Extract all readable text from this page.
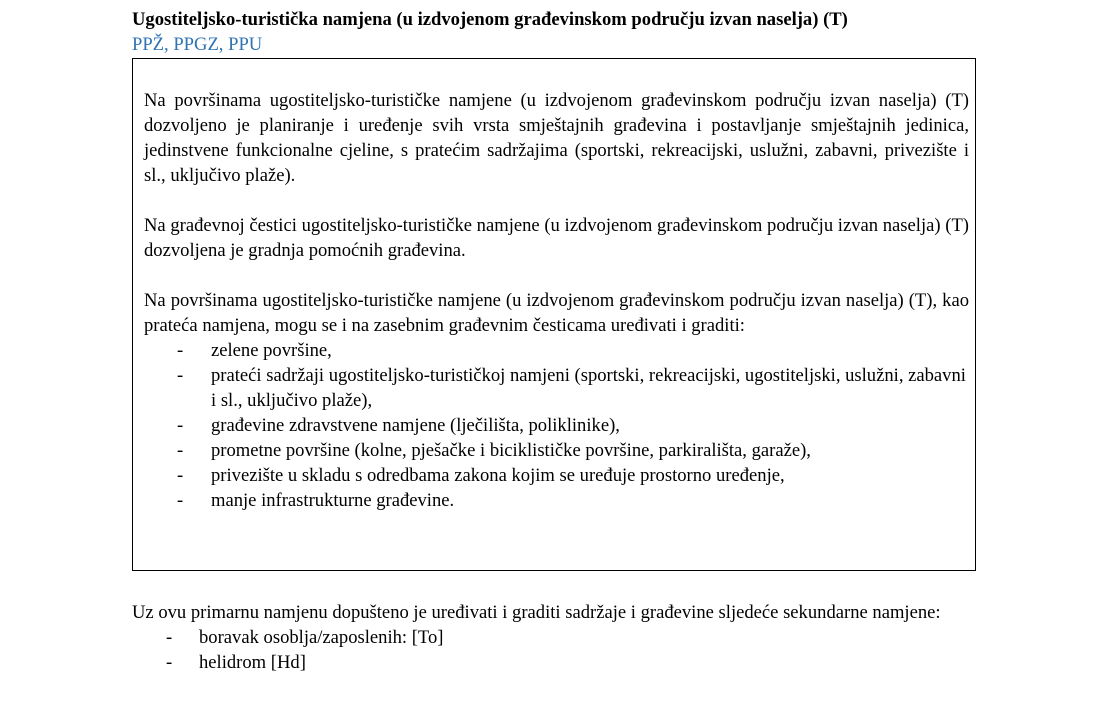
Ugostiteljsko-turistička namjena (u izdvojenom građevinskom području izvan naselja) (T)
PPŽ, PPGZ, PPU

Na površinama ugostiteljsko-turističke namjene (u izdvojenom građevinskom području izvan naselja) (T) dozvoljeno je planiranje i uređenje svih vrsta smještajnih građevina i postavljanje smještajnih jedinica, jedinstvene funkcionalne cjeline, s pratećim sadržajima (sportski, rekreacijski, uslužni, zabavni, privezište i sl., uključivo plaže).

Na građevnoj čestici ugostiteljsko-turističke namjene (u izdvojenom građevinskom području izvan naselja) (T) dozvoljena je gradnja pomoćnih građevina.

Na površinama ugostiteljsko-turističke namjene (u izdvojenom građevinskom području izvan naselja) (T), kao prateća namjena, mogu se i na zasebnim građevnim česticama uređivati i graditi:

- zelene površine,
- prateći sadržaji ugostiteljsko-turističkoj namjeni (sportski, rekreacijski, ugostiteljski, uslužni, zabavni i sl., uključivo plaže),
- građevine zdravstvene namjene (lječilišta, poliklinike),
- prometne površine (kolne, pješačke i biciklističke površine, parkirališta, garaže),
- privezište u skladu s odredbama zakona kojim se uređuje prostorno uređenje,
- manje infrastrukturne građevine.

Uz ovu primarnu namjenu dopušteno je uređivati i graditi sadržaje i građevine sljedeće sekundarne namjene:

- boravak osoblja/zaposlenih: [To]
- helidrom [Hd]
